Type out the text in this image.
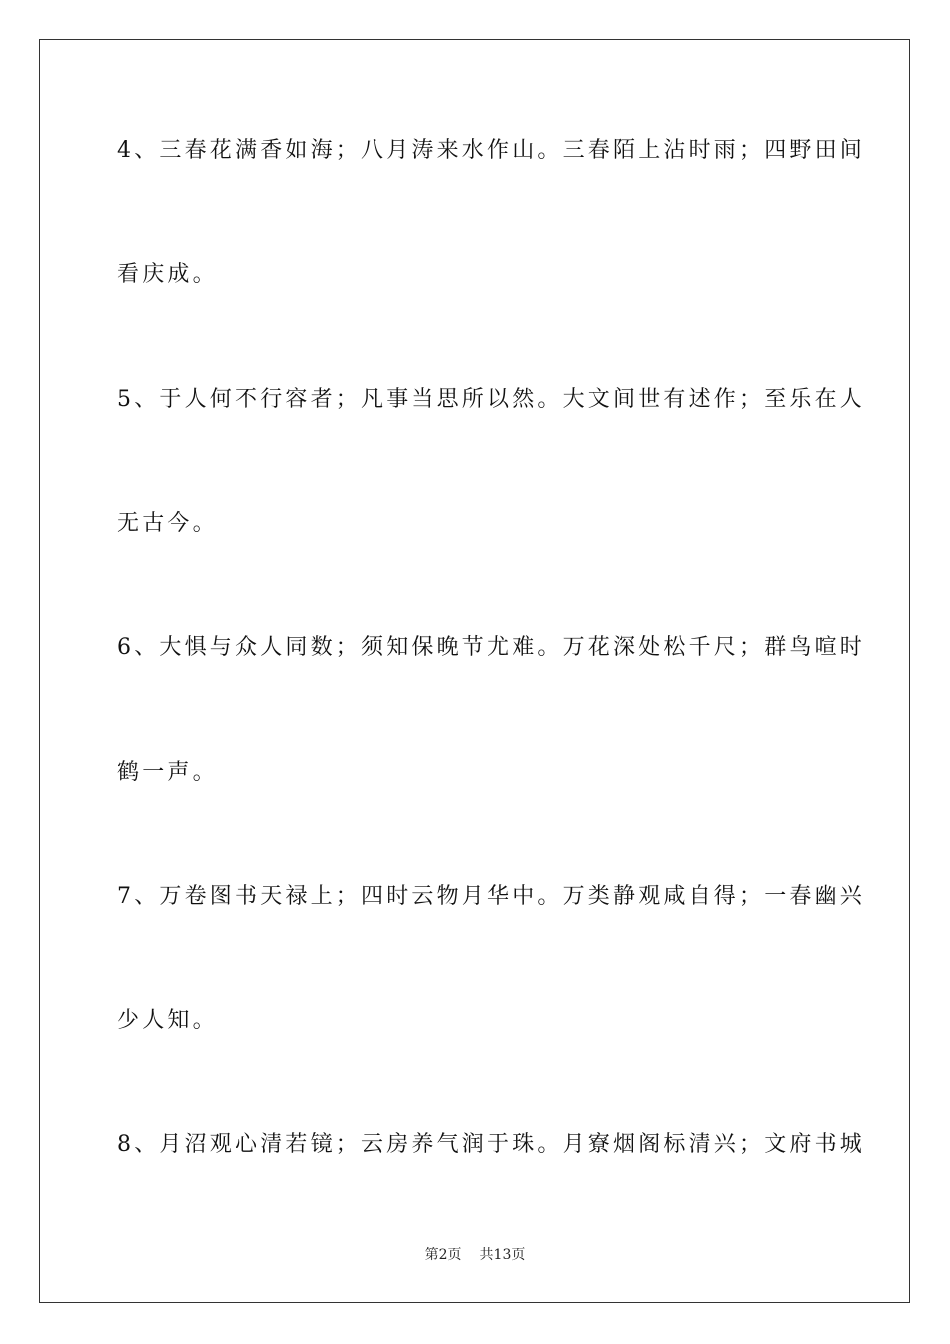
4、三春花满香如海；八月涛来水作山。三春陌上沾时雨；四野田间
看庆成。
5、于人何不行容者；凡事当思所以然。大文间世有述作；至乐在人
无古今。
6、大惧与众人同数；须知保晚节尤难。万花深处松千尺；群鸟喧时
鹤一声。
7、万卷图书天禄上；四时云物月华中。万类静观咸自得；一春幽兴
少人知。
8、月沼观心清若镜；云房养气润于珠。月寮烟阁标清兴；文府书城
第2页 共13页
